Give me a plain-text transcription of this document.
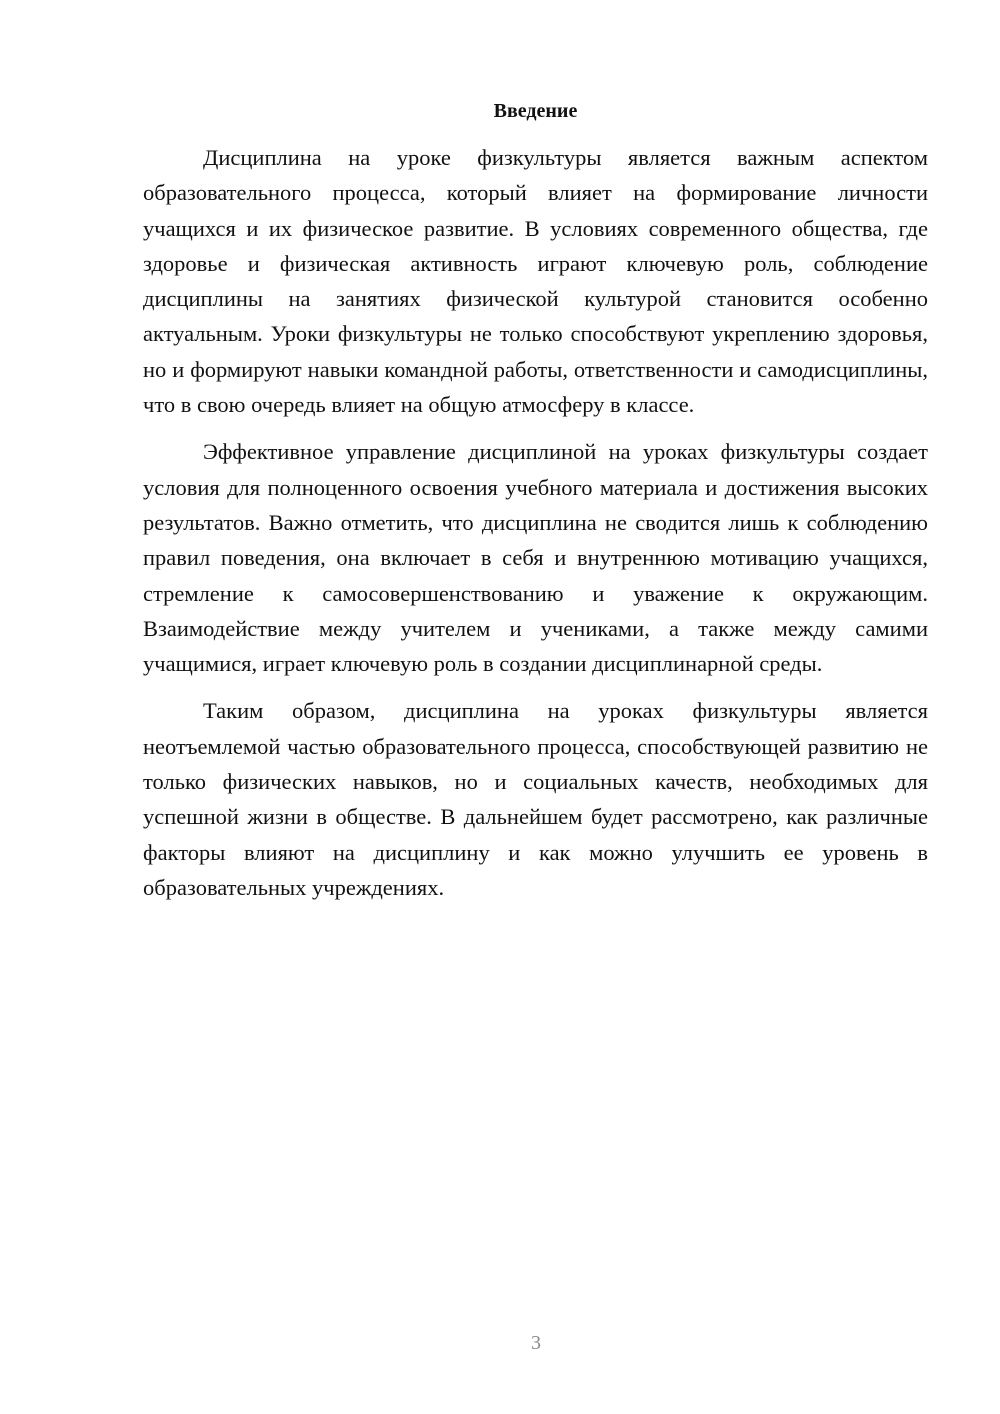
Введение

Дисциплина на уроке физкультуры является важным аспектом образовательного процесса, который влияет на формирование личности учащихся и их физическое развитие. В условиях современного общества, где здоровье и физическая активность играют ключевую роль, соблюдение дисциплины на занятиях физической культурой становится особенно актуальным. Уроки физкультуры не только способствуют укреплению здоровья, но и формируют навыки командной работы, ответственности и самодисциплины, что в свою очередь влияет на общую атмосферу в классе.

Эффективное управление дисциплиной на уроках физкультуры создает условия для полноценного освоения учебного материала и достижения высоких результатов. Важно отметить, что дисциплина не сводится лишь к соблюдению правил поведения, она включает в себя и внутреннюю мотивацию учащихся, стремление к самосовершенствованию и уважение к окружающим. Взаимодействие между учителем и учениками, а также между самими учащимися, играет ключевую роль в создании дисциплинарной среды.

Таким образом, дисциплина на уроках физкультуры является неотъемлемой частью образовательного процесса, способствующей развитию не только физических навыков, но и социальных качеств, необходимых для успешной жизни в обществе. В дальнейшем будет рассмотрено, как различные факторы влияют на дисциплину и как можно улучшить ее уровень в образовательных учреждениях.

3
